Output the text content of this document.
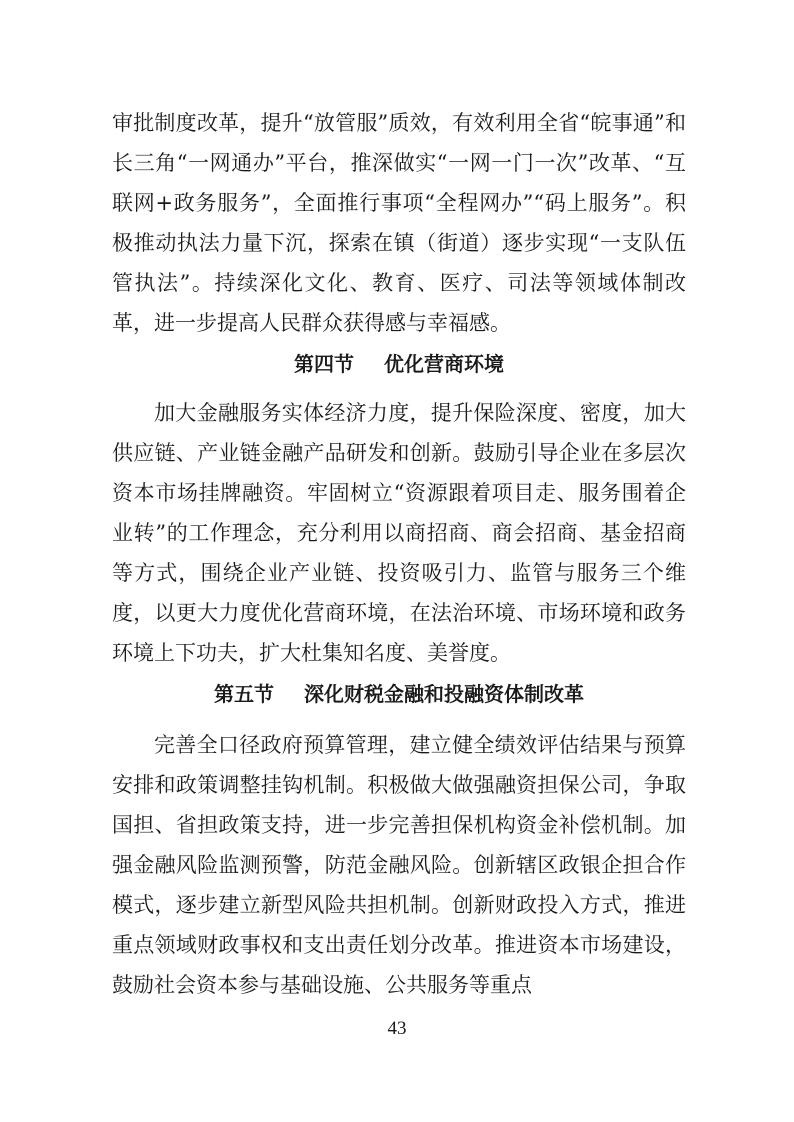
审批制度改革，提升“放管服”质效，有效利用全省“皖事通”和长三角“一网通办”平台，推深做实“一网一门一次”改革、“互联网+政务服务”，全面推行事项“全程网办”“码上服务”。积极推动执法力量下沉，探索在镇（街道）逐步实现“一支队伍管执法”。持续深化文化、教育、医疗、司法等领域体制改革，进一步提高人民群众获得感与幸福感。

第四节 优化营商环境

加大金融服务实体经济力度，提升保险深度、密度，加大供应链、产业链金融产品研发和创新。鼓励引导企业在多层次资本市场挂牌融资。牢固树立“资源跟着项目走、服务围着企业转”的工作理念，充分利用以商招商、商会招商、基金招商等方式，围绕企业产业链、投资吸引力、监管与服务三个维度，以更大力度优化营商环境，在法治环境、市场环境和政务环境上下功夫，扩大杜集知名度、美誉度。

第五节 深化财税金融和投融资体制改革

完善全口径政府预算管理，建立健全绩效评估结果与预算安排和政策调整挂钩机制。积极做大做强融资担保公司，争取国担、省担政策支持，进一步完善担保机构资金补偿机制。加强金融风险监测预警，防范金融风险。创新辖区政银企担合作模式，逐步建立新型风险共担机制。创新财政投入方式，推进重点领域财政事权和支出责任划分改革。推进资本市场建设，鼓励社会资本参与基础设施、公共服务等重点

43
